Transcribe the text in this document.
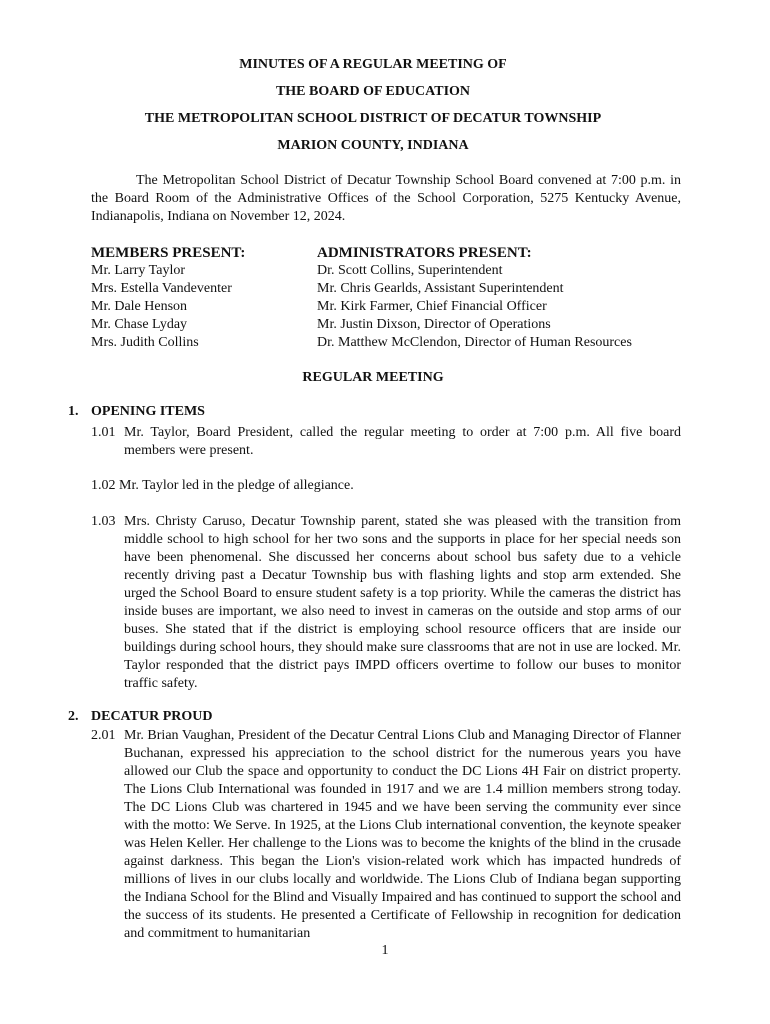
MINUTES OF A REGULAR MEETING OF
THE BOARD OF EDUCATION
THE METROPOLITAN SCHOOL DISTRICT OF DECATUR TOWNSHIP
MARION COUNTY, INDIANA
The Metropolitan School District of Decatur Township School Board convened at 7:00 p.m. in the Board Room of the Administrative Offices of the School Corporation, 5275 Kentucky Avenue, Indianapolis, Indiana on November 12, 2024.
MEMBERS PRESENT:
Mr. Larry Taylor
Mrs. Estella Vandeventer
Mr. Dale Henson
Mr. Chase Lyday
Mrs. Judith Collins
ADMINISTRATORS PRESENT:
Dr. Scott Collins, Superintendent
Mr. Chris Gearlds, Assistant Superintendent
Mr. Kirk Farmer, Chief Financial Officer
Mr. Justin Dixson, Director of Operations
Dr. Matthew McClendon, Director of Human Resources
REGULAR MEETING
1. OPENING ITEMS
1.01 Mr. Taylor, Board President, called the regular meeting to order at 7:00 p.m. All five board members were present.
1.02 Mr. Taylor led in the pledge of allegiance.
1.03 Mrs. Christy Caruso, Decatur Township parent, stated she was pleased with the transition from middle school to high school for her two sons and the supports in place for her special needs son have been phenomenal. She discussed her concerns about school bus safety due to a vehicle recently driving past a Decatur Township bus with flashing lights and stop arm extended. She urged the School Board to ensure student safety is a top priority. While the cameras the district has inside buses are important, we also need to invest in cameras on the outside and stop arms of our buses. She stated that if the district is employing school resource officers that are inside our buildings during school hours, they should make sure classrooms that are not in use are locked. Mr. Taylor responded that the district pays IMPD officers overtime to follow our buses to monitor traffic safety.
2. DECATUR PROUD
2.01 Mr. Brian Vaughan, President of the Decatur Central Lions Club and Managing Director of Flanner Buchanan, expressed his appreciation to the school district for the numerous years you have allowed our Club the space and opportunity to conduct the DC Lions 4H Fair on district property. The Lions Club International was founded in 1917 and we are 1.4 million members strong today. The DC Lions Club was chartered in 1945 and we have been serving the community ever since with the motto: We Serve. In 1925, at the Lions Club international convention, the keynote speaker was Helen Keller. Her challenge to the Lions was to become the knights of the blind in the crusade against darkness. This began the Lion's vision-related work which has impacted hundreds of millions of lives in our clubs locally and worldwide. The Lions Club of Indiana began supporting the Indiana School for the Blind and Visually Impaired and has continued to support the school and the success of its students. He presented a Certificate of Fellowship in recognition for dedication and commitment to humanitarian
1
